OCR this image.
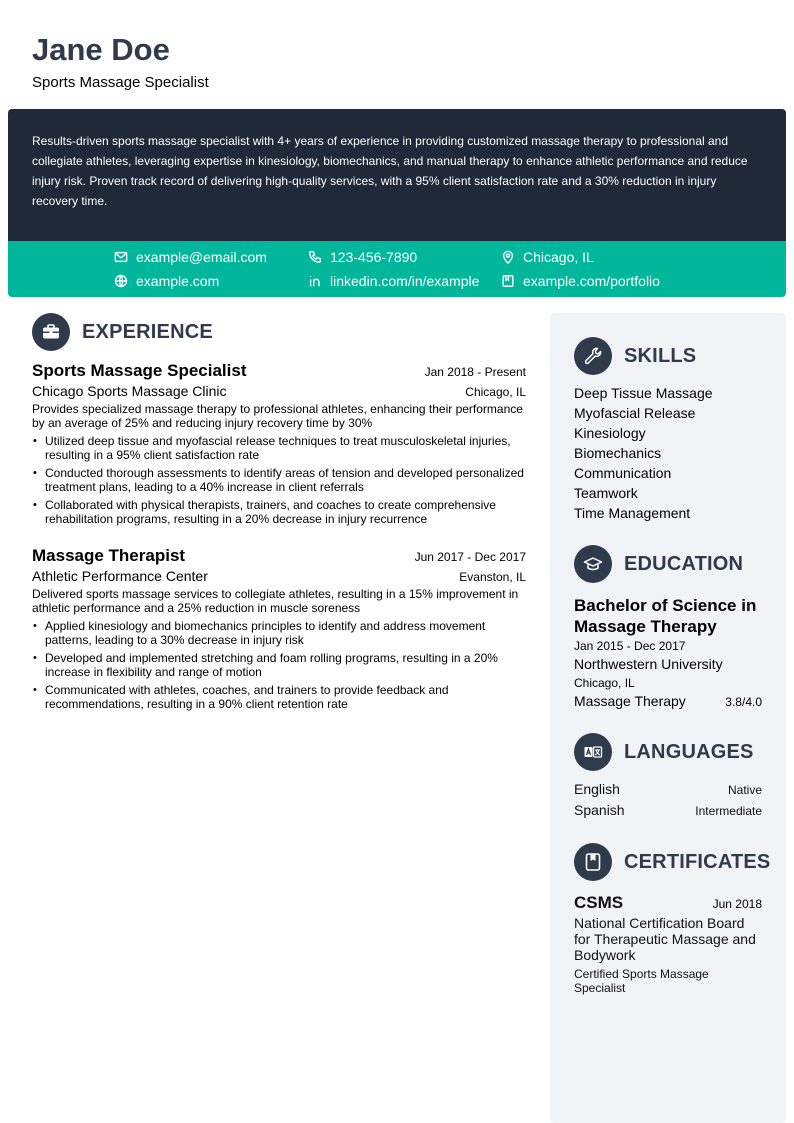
Jane Doe
Sports Massage Specialist

Results-driven sports massage specialist with 4+ years of experience in providing customized massage therapy to professional and collegiate athletes, leveraging expertise in kinesiology, biomechanics, and manual therapy to enhance athletic performance and reduce injury risk. Proven track record of delivering high-quality services, with a 95% client satisfaction rate and a 30% reduction in injury recovery time.

example@email.com	123-456-7890	Chicago, IL
example.com	linkedin.com/in/example	example.com/portfolio
EXPERIENCE
Sports Massage Specialist	Jan 2018 - Present
Chicago Sports Massage Clinic	Chicago, IL
Provides specialized massage therapy to professional athletes, enhancing their performance by an average of 25% and reducing injury recovery time by 30%
• Utilized deep tissue and myofascial release techniques to treat musculoskeletal injuries, resulting in a 95% client satisfaction rate
• Conducted thorough assessments to identify areas of tension and developed personalized treatment plans, leading to a 40% increase in client referrals
• Collaborated with physical therapists, trainers, and coaches to create comprehensive rehabilitation programs, resulting in a 20% decrease in injury recurrence
Massage Therapist	Jun 2017 - Dec 2017
Athletic Performance Center	Evanston, IL
Delivered sports massage services to collegiate athletes, resulting in a 15% improvement in athletic performance and a 25% reduction in muscle soreness
• Applied kinesiology and biomechanics principles to identify and address movement patterns, leading to a 30% decrease in injury risk
• Developed and implemented stretching and foam rolling programs, resulting in a 20% increase in flexibility and range of motion
• Communicated with athletes, coaches, and trainers to provide feedback and recommendations, resulting in a 90% client retention rate
SKILLS
Deep Tissue Massage
Myofascial Release
Kinesiology
Biomechanics
Communication
Teamwork
Time Management
EDUCATION
Bachelor of Science in Massage Therapy
Jan 2015 - Dec 2017
Northwestern University
Chicago, IL
Massage Therapy	3.8/4.0
LANGUAGES
English	Native
Spanish	Intermediate
CERTIFICATES
CSMS	Jun 2018
National Certification Board for Therapeutic Massage and Bodywork
Certified Sports Massage Specialist
